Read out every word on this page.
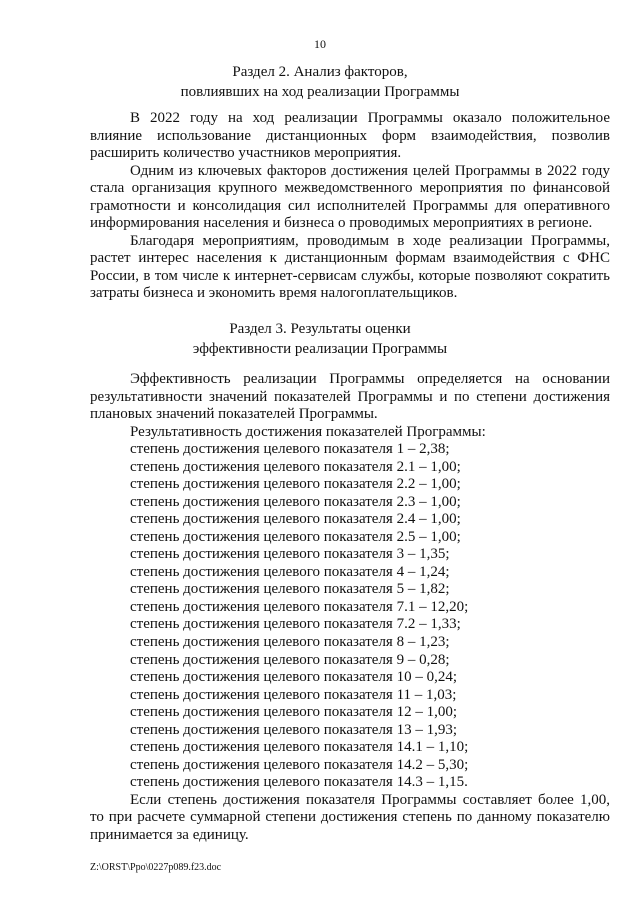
10
Раздел 2. Анализ факторов,
повлиявших на ход реализации Программы

В 2022 году на ход реализации Программы оказало положительное влияние использование дистанционных форм взаимодействия, позволив расширить количество участников мероприятия.

Одним из ключевых факторов достижения целей Программы в 2022 году стала организация крупного межведомственного мероприятия по финансовой грамотности и консолидация сил исполнителей Программы для оперативного информирования населения и бизнеса о проводимых мероприятиях в регионе.

Благодаря мероприятиям, проводимым в ходе реализации Программы, растет интерес населения к дистанционным формам взаимодействия с ФНС России, в том числе к интернет-сервисам службы, которые позволяют сократить затраты бизнеса и экономить время налогоплательщиков.

Раздел 3. Результаты оценки
эффективности реализации Программы

Эффективность реализации Программы определяется на основании результативности значений показателей Программы и по степени достижения плановых значений показателей Программы.

Результативность достижения показателей Программы:

степень достижения целевого показателя 1 – 2,38;
степень достижения целевого показателя 2.1 – 1,00;
степень достижения целевого показателя 2.2 – 1,00;
степень достижения целевого показателя 2.3 – 1,00;
степень достижения целевого показателя 2.4 – 1,00;
степень достижения целевого показателя 2.5 – 1,00;
степень достижения целевого показателя 3 – 1,35;
степень достижения целевого показателя 4 – 1,24;
степень достижения целевого показателя 5 – 1,82;
степень достижения целевого показателя 7.1 – 12,20;
степень достижения целевого показателя 7.2 – 1,33;
степень достижения целевого показателя 8 – 1,23;
степень достижения целевого показателя 9 – 0,28;
степень достижения целевого показателя 10 – 0,24;
степень достижения целевого показателя 11 – 1,03;
степень достижения целевого показателя 12 – 1,00;
степень достижения целевого показателя 13 – 1,93;
степень достижения целевого показателя 14.1 – 1,10;
степень достижения целевого показателя 14.2 – 5,30;
степень достижения целевого показателя 14.3 – 1,15.

Если степень достижения показателя Программы составляет более 1,00, то при расчете суммарной степени достижения степень по данному показателю принимается за единицу.

Z:\ORST\Ppo\0227p089.f23.doc
